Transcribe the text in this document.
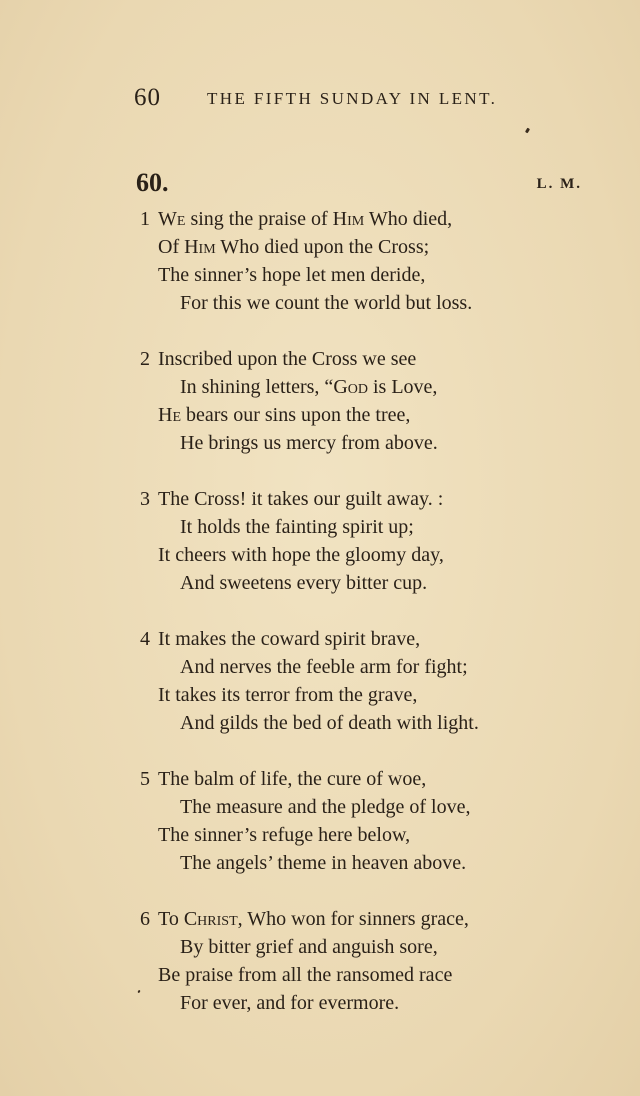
60	THE FIFTH SUNDAY IN LENT.
60.	L. M.
1 We sing the praise of Him Who died,
Of Him Who died upon the Cross;
The sinner’s hope let men deride,
For this we count the world but loss.
2 Inscribed upon the Cross we see
In shining letters, “God is Love,
He bears our sins upon the tree,
He brings us mercy from above.
3 The Cross! it takes our guilt away. :
It holds the fainting spirit up;
It cheers with hope the gloomy day,
And sweetens every bitter cup.
4 It makes the coward spirit brave,
And nerves the feeble arm for fight;
It takes its terror from the grave,
And gilds the bed of death with light.
5 The balm of life, the cure of woe,
The measure and the pledge of love,
The sinner’s refuge here below,
The angels’ theme in heaven above.
6 To Christ, Who won for sinners grace,
By bitter grief and anguish sore,
Be praise from all the ransomed race
For ever, and for evermore.
